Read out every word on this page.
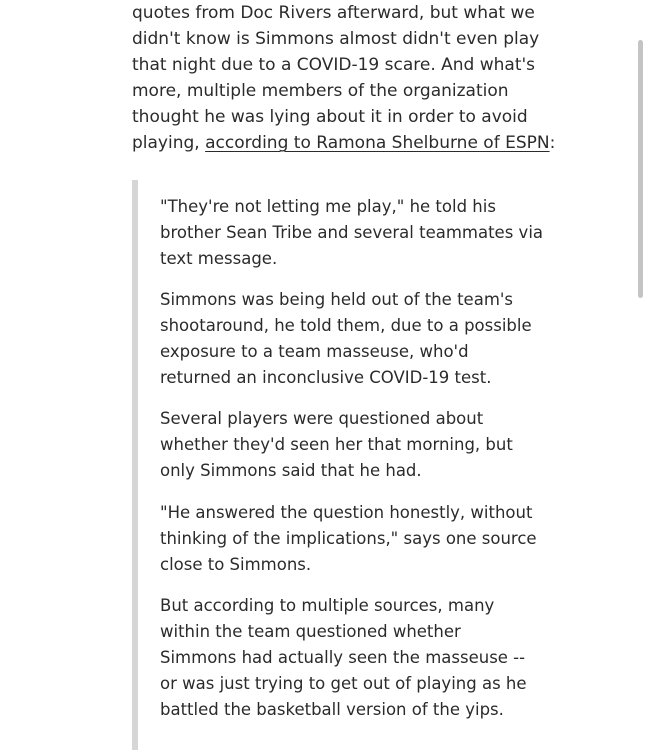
quotes from Doc Rivers afterward, but what we
didn't know is Simmons almost didn't even play
that night due to a COVID-19 scare. And what's
more, multiple members of the organization
thought he was lying about it in order to avoid
playing, according to Ramona Shelburne of ESPN:

"They're not letting me play," he told his
brother Sean Tribe and several teammates via
text message.

Simmons was being held out of the team's
shootaround, he told them, due to a possible
exposure to a team masseuse, who'd
returned an inconclusive COVID-19 test.

Several players were questioned about
whether they'd seen her that morning, but
only Simmons said that he had.

"He answered the question honestly, without
thinking of the implications," says one source
close to Simmons.

But according to multiple sources, many
within the team questioned whether
Simmons had actually seen the masseuse --
or was just trying to get out of playing as he
battled the basketball version of the yips.
